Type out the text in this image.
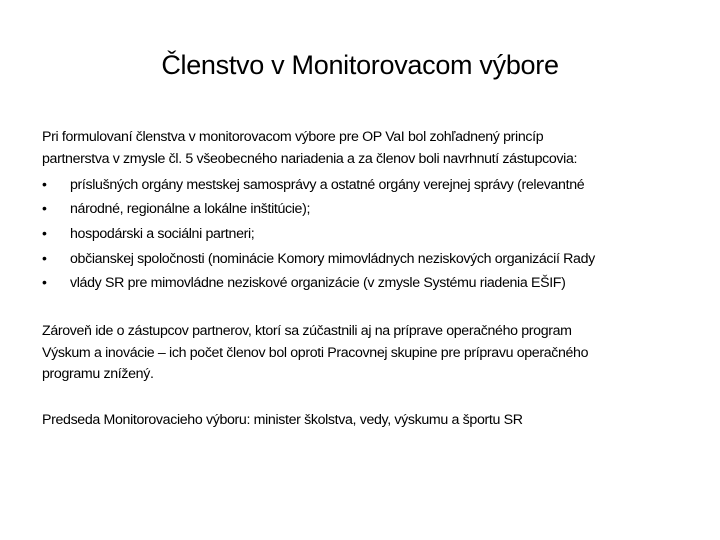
Členstvo v Monitorovacom výbore
Pri formulovaní členstva v monitorovacom výbore pre OP VaI bol zohľadnený princíp
partnerstva v zmysle čl. 5 všeobecného nariadenia a za členov boli navrhnutí zástupcovia:
• príslušných orgány mestskej samosprávy a ostatné orgány verejnej správy (relevantné
• národné, regionálne a lokálne inštitúcie);
• hospodárski a sociálni partneri;
• občianskej spoločnosti (nominácie Komory mimovládnych neziskových organizácií Rady
• vlády SR pre mimovládne neziskové organizácie (v zmysle Systému riadenia EŠIF)
Zároveň ide o zástupcov partnerov, ktorí sa zúčastnili aj na príprave operačného program
Výskum a inovácie – ich počet členov bol oproti Pracovnej skupine pre prípravu operačného
programu znížený.
Predseda Monitorovacieho výboru: minister školstva, vedy, výskumu a športu SR
